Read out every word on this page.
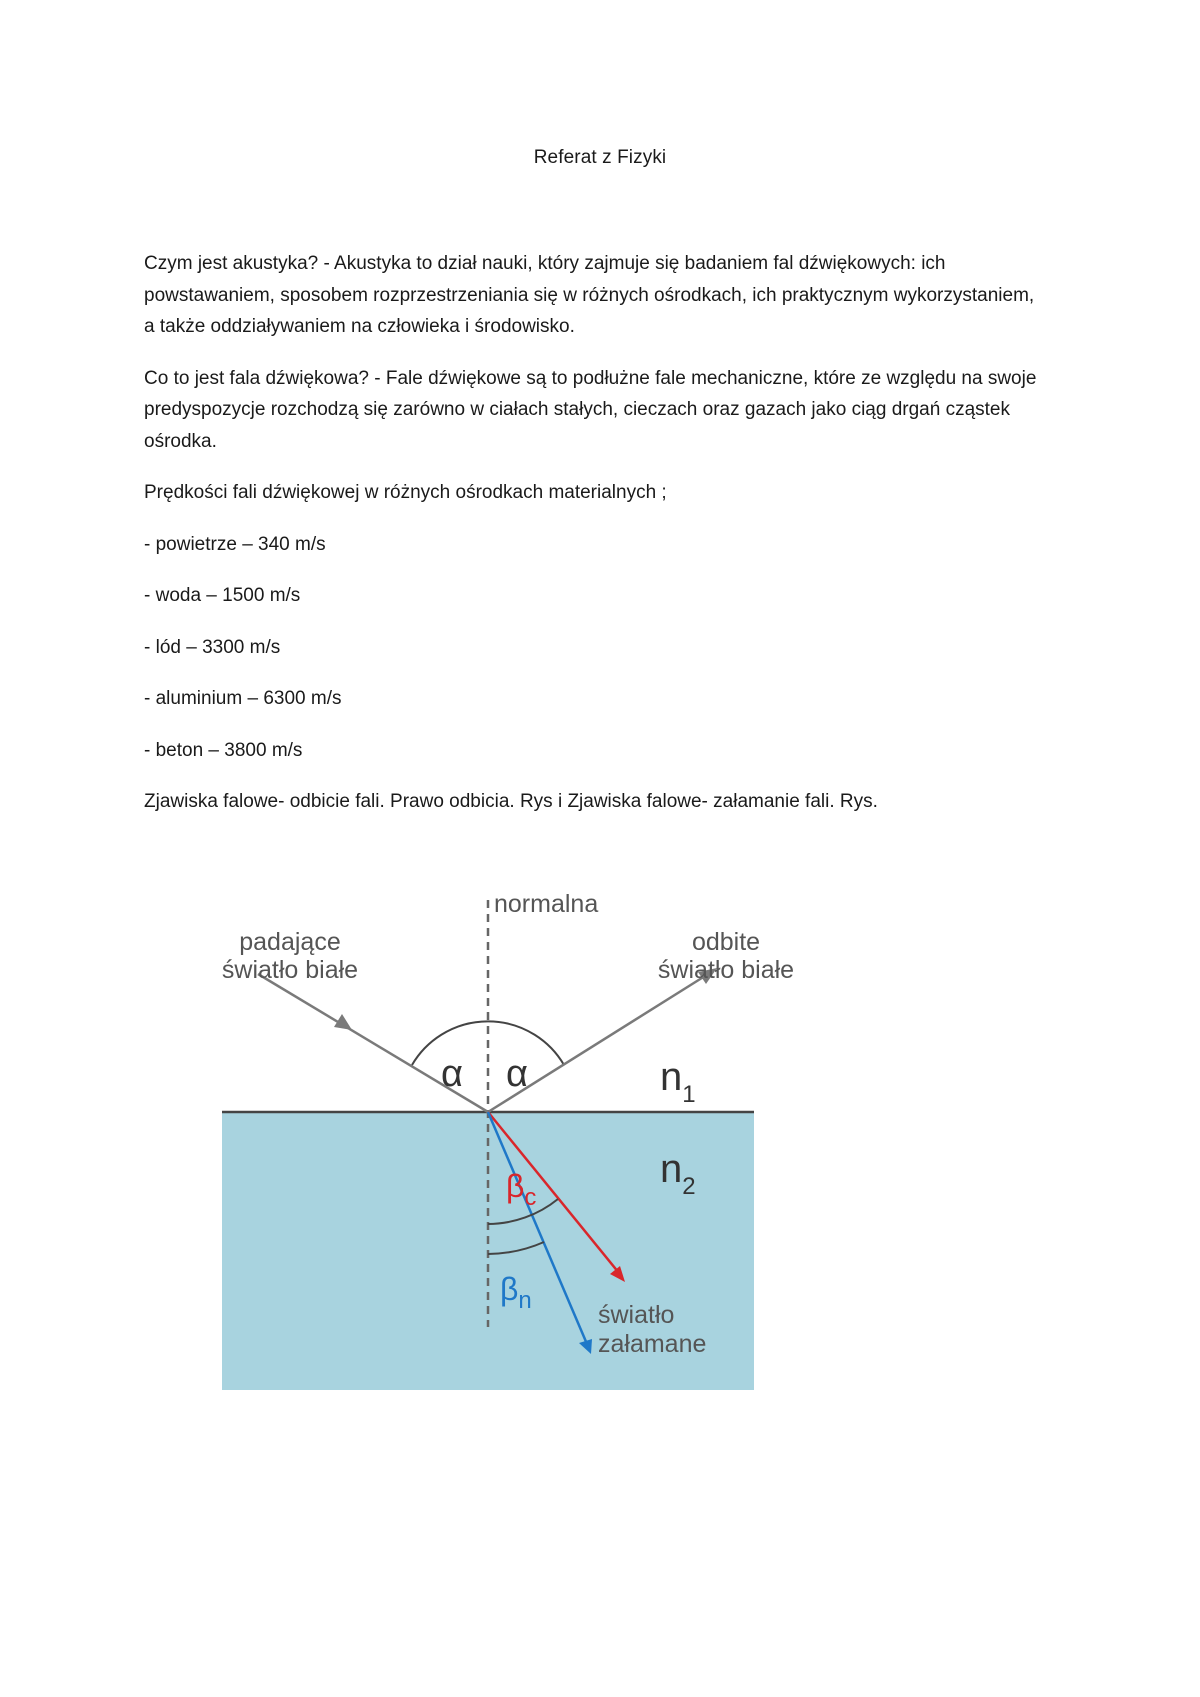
Referat z Fizyki

Czym jest akustyka? - Akustyka to dział nauki, który zajmuje się badaniem fal dźwiękowych: ich powstawaniem, sposobem rozprzestrzeniania się w różnych ośrodkach, ich praktycznym wykorzystaniem, a także oddziaływaniem na człowieka i środowisko.

Co to jest fala dźwiękowa? - Fale dźwiękowe są to podłużne fale mechaniczne, które ze względu na swoje predyspozycje rozchodzą się zarówno w ciałach stałych, cieczach oraz gazach jako ciąg drgań cząstek ośrodka.

Prędkości fali dźwiękowej w różnych ośrodkach materialnych ;

- powietrze – 340 m/s

- woda – 1500 m/s

- lód – 3300 m/s

- aluminium – 6300 m/s

- beton – 3800 m/s

Zjawiska falowe- odbicie fali. Prawo odbicia. Rys i Zjawiska falowe- załamanie fali. Rys.

normalna
padające
światło białe
odbite
światło białe
α α	$n_1$
$n_2$
$\beta_c$
$\beta_n$
światło
załamane
